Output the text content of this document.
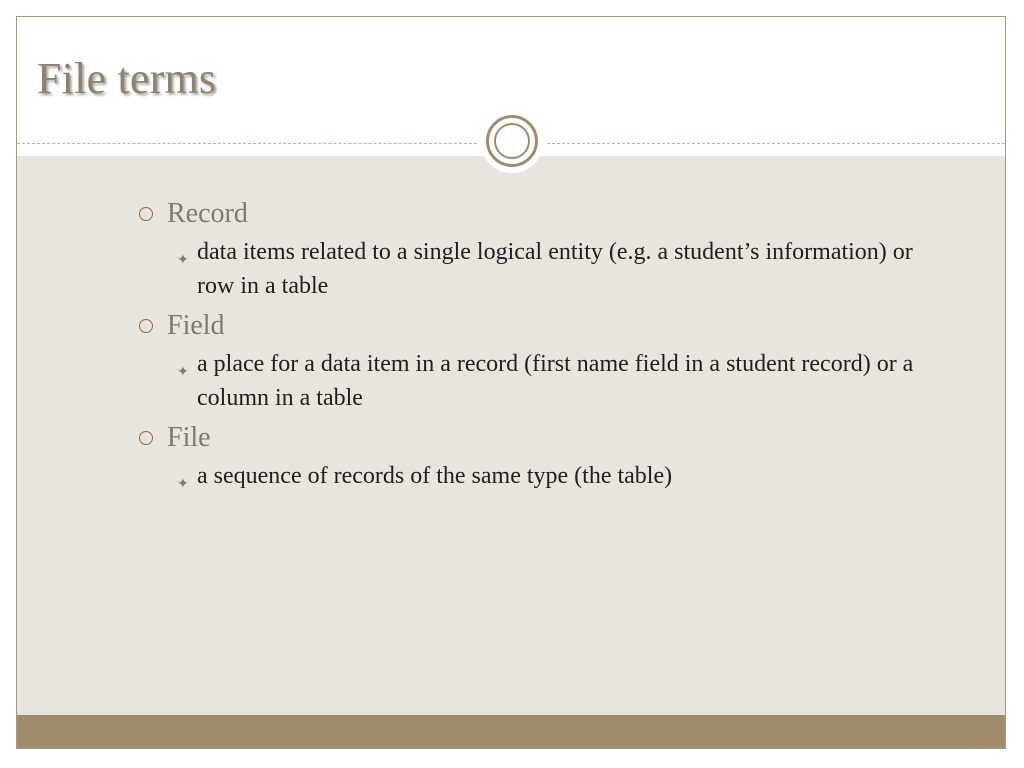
File terms
Record
✦ data items related to a single logical entity (e.g. a student’s information) or row in a table
Field
✦ a place for a data item in a record (first name field in a student record) or a column in a table
File
✦ a sequence of records of the same type (the table)
